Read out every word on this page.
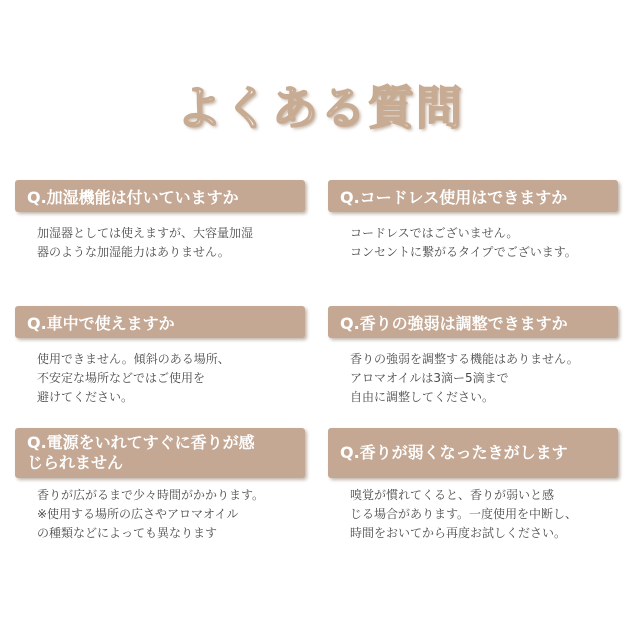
よくある質問
Q.加湿機能は付いていますか
加湿器としては使えますが、大容量加湿
器のような加湿能力はありません。
Q.コードレス使用はできますか
コードレスではございません。
コンセントに繋がるタイプでございます。
Q.車中で使えますか
使用できません。傾斜のある場所、
不安定な場所などではご使用を
避けてください。
Q.香りの強弱は調整できますか
香りの強弱を調整する機能はありません。
アロマオイルは3滴ー5滴まで
自由に調整してください。
Q.電源をいれてすぐに香りが感
じられません
香りが広がるまで少々時間がかかります。
※使用する場所の広さやアロマオイル
の種類などによっても異なります
Q.香りが弱くなったきがします
嗅覚が慣れてくると、香りが弱いと感
じる場合があります。一度使用を中断し、
時間をおいてから再度お試しください。
